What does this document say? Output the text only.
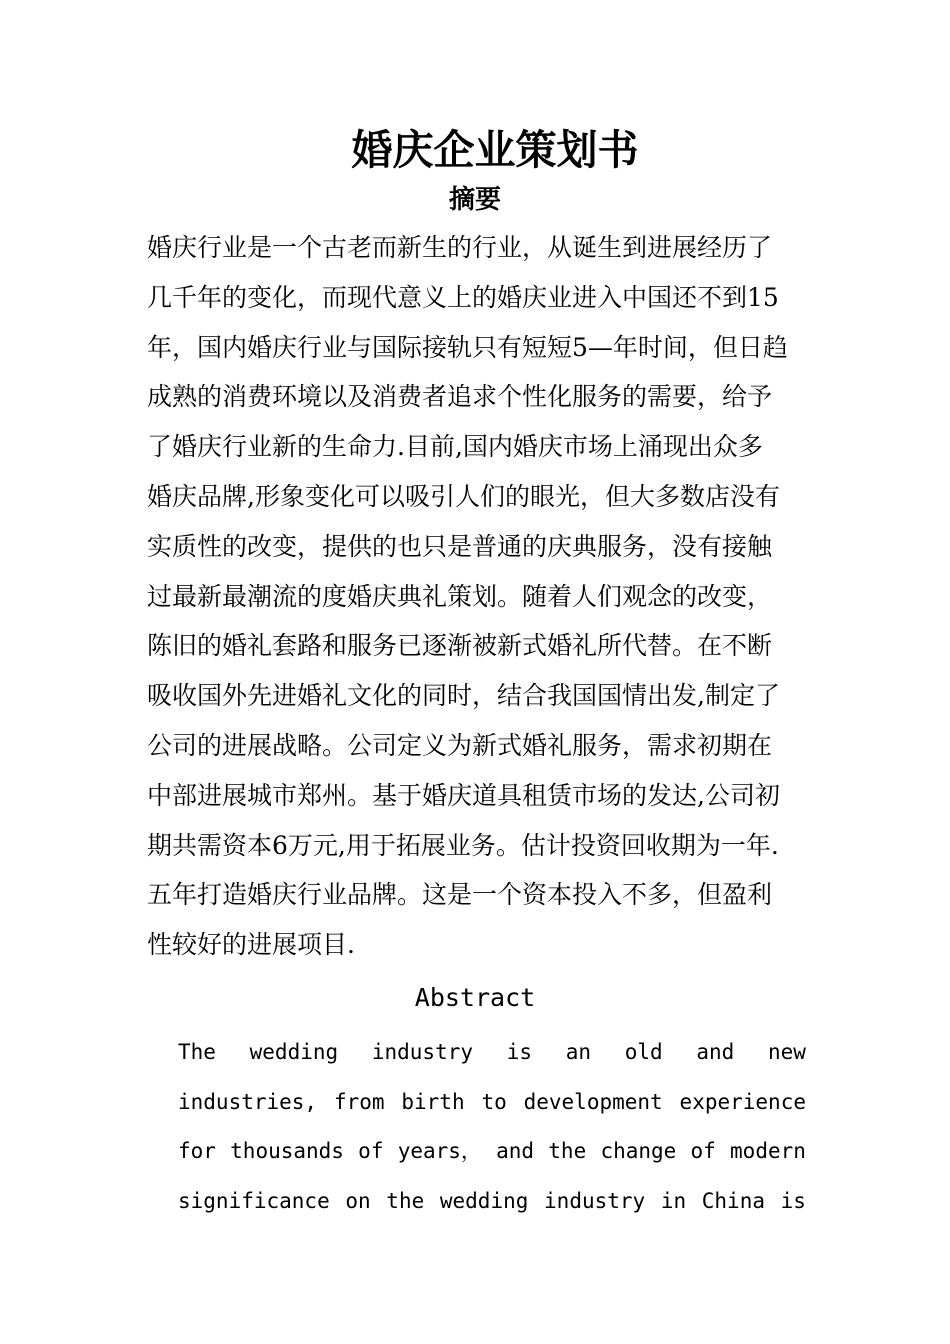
婚庆企业策划书
摘要
婚庆行业是一个古老而新生的行业，从诞生到进展经历了
几千年的变化，而现代意义上的婚庆业进入中国还不到15
年，国内婚庆行业与国际接轨只有短短5—年时间，但日趋
成熟的消费环境以及消费者追求个性化服务的需要，给予
了婚庆行业新的生命力.目前,国内婚庆市场上涌现出众多
婚庆品牌,形象变化可以吸引人们的眼光，但大多数店没有
实质性的改变，提供的也只是普通的庆典服务，没有接触
过最新最潮流的度婚庆典礼策划。随着人们观念的改变，
陈旧的婚礼套路和服务已逐渐被新式婚礼所代替。在不断
吸收国外先进婚礼文化的同时，结合我国国情出发,制定了
公司的进展战略。公司定义为新式婚礼服务，需求初期在
中部进展城市郑州。基于婚庆道具租赁市场的发达,公司初
期共需资本6万元,用于拓展业务。估计投资回收期为一年.
五年打造婚庆行业品牌。这是一个资本投入不多，但盈利
性较好的进展项目.
Abstract
The wedding industry is an old and new
industries, from birth to development experience
for thousands of years， and the change of modern
significance on the wedding industry in China is
